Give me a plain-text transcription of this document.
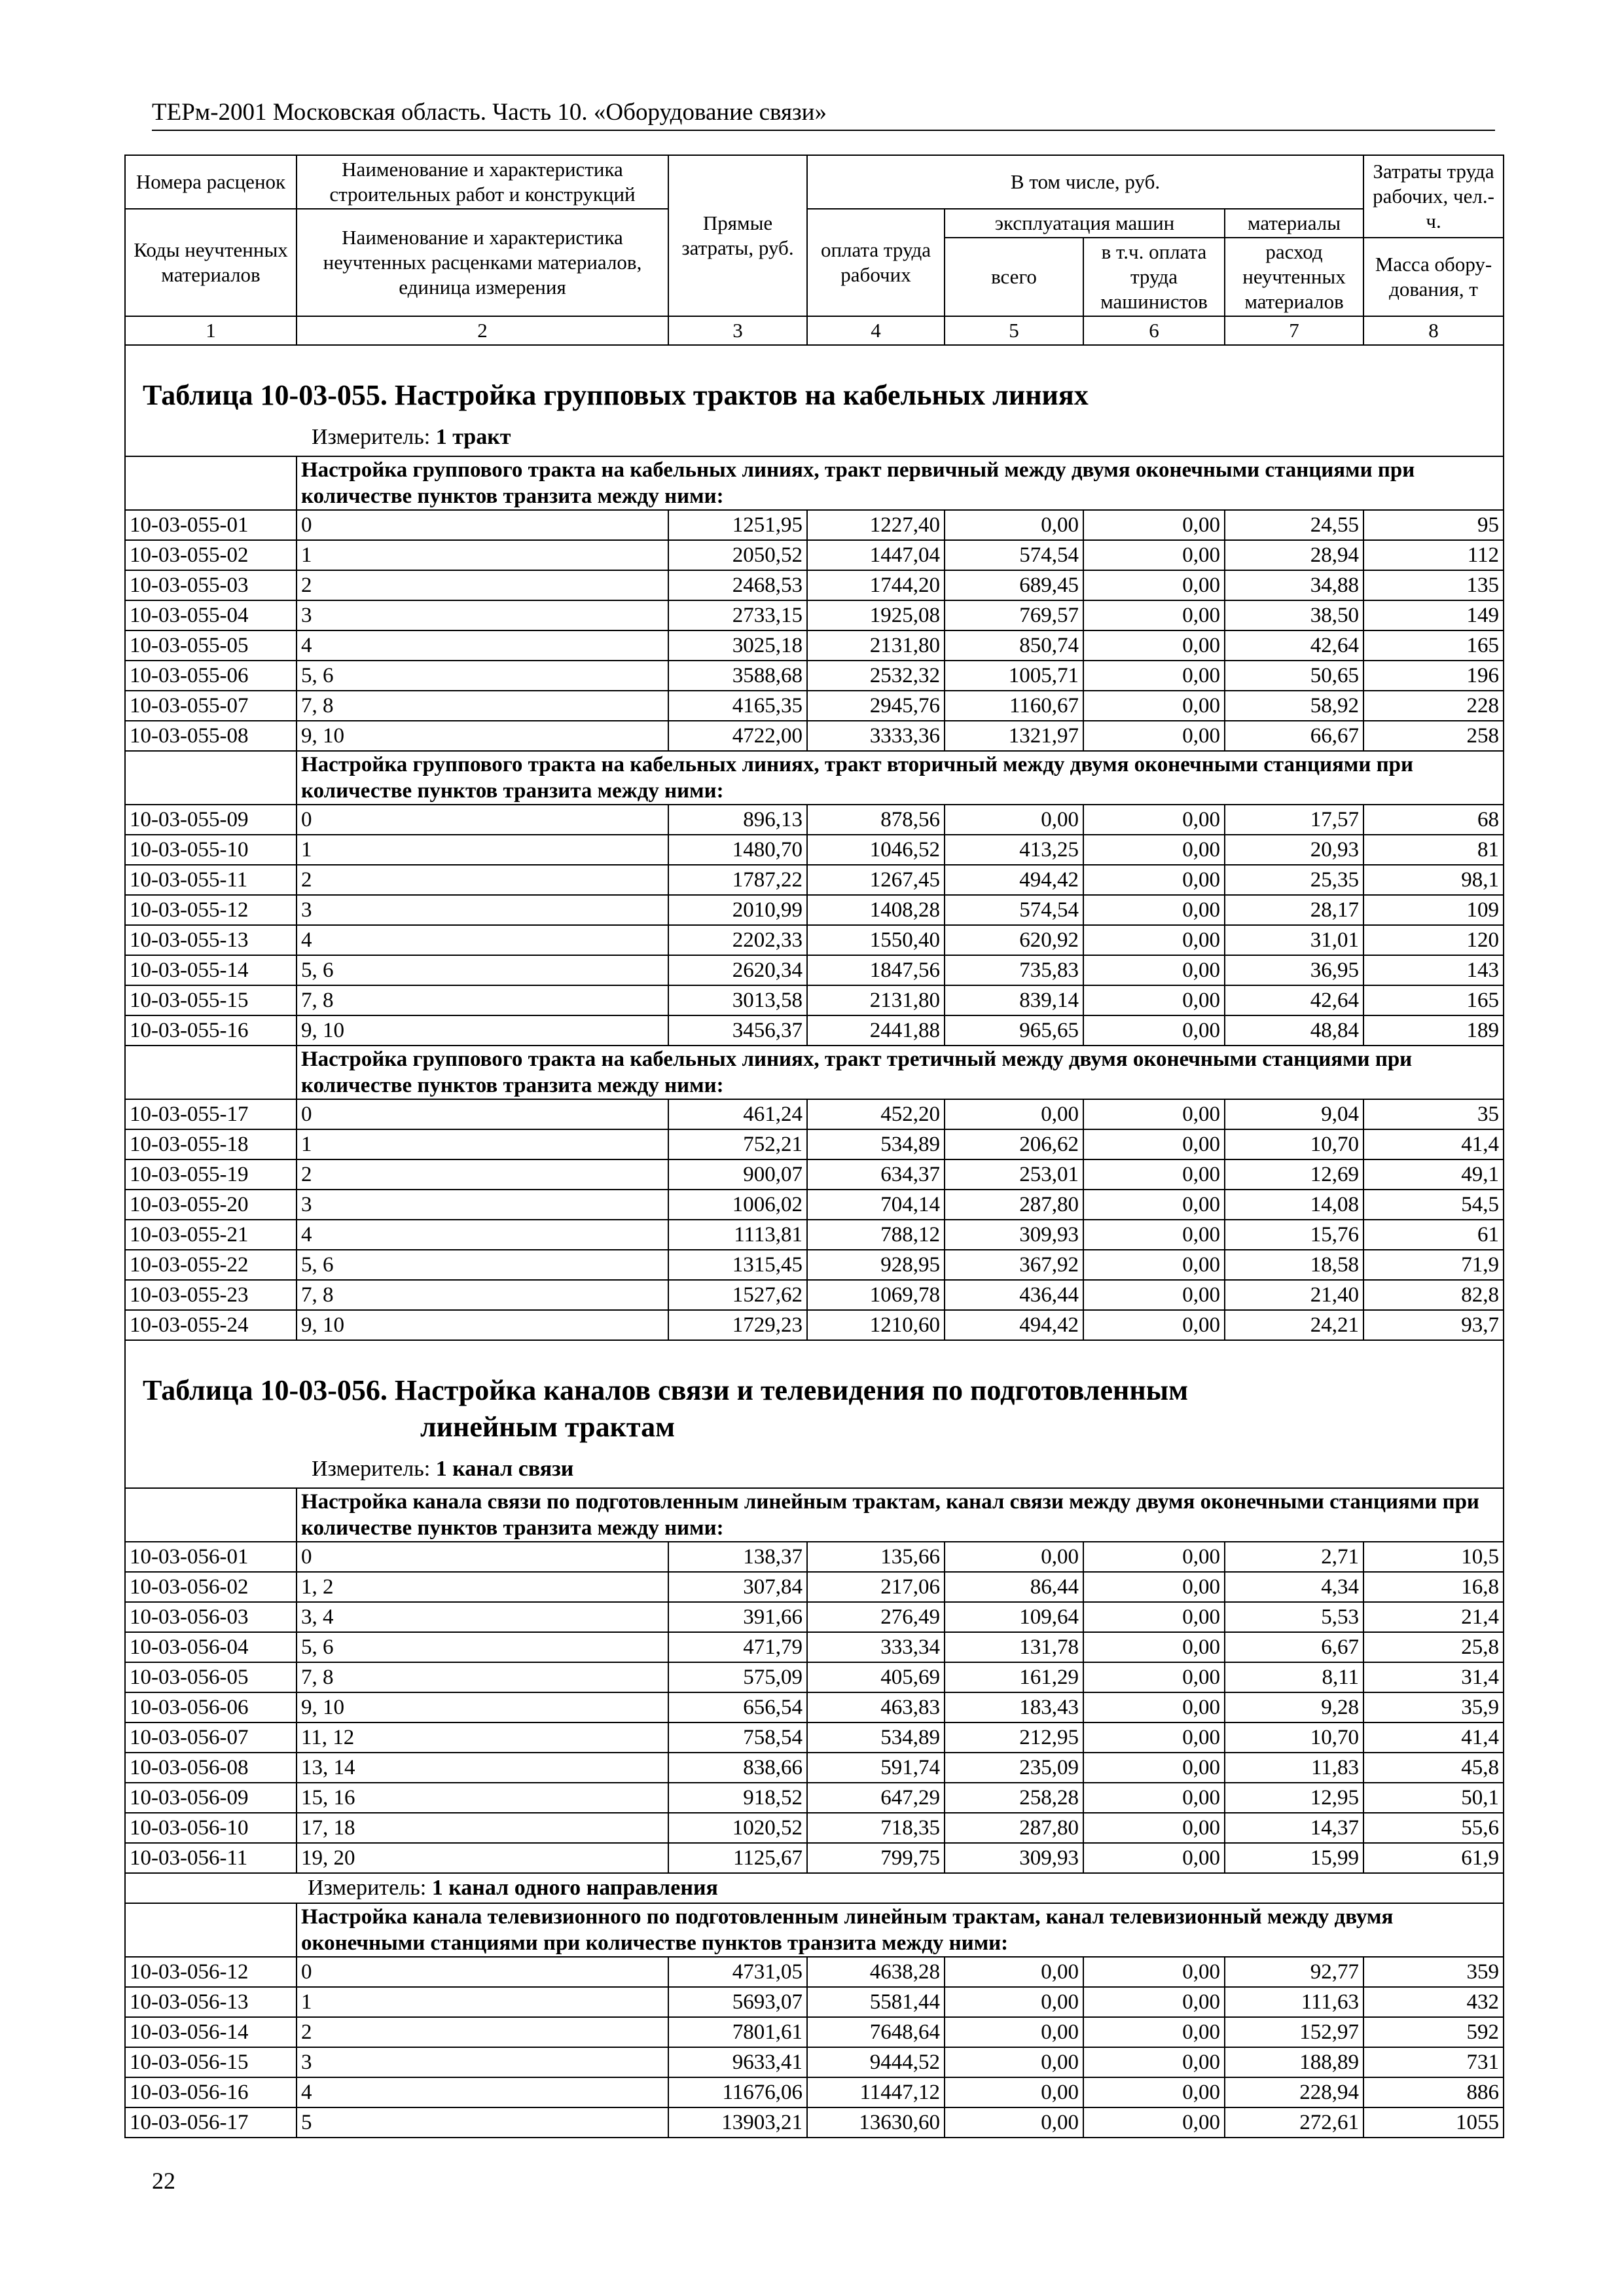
ТЕРм-2001 Московская область. Часть 10. «Оборудование связи»
Номера расценок	Наименование и характеристика строительных работ и конструкций	Прямые затраты, руб.	В том числе, руб.				Затраты труда рабочих, чел.-ч.
Коды неучтенных материалов	Наименование и характеристика неучтенных расценками материалов, единица измерения		оплата труда рабочих	эксплуатация машин		материалы	
				всего	в т.ч. оплата труда машинистов	расход неучтенных материалов	
							Масса обору-дования, т
1	2	3	4	5	6	7	8

Таблица 10-03-055. Настройка групповых трактов на кабельных линиях
Измеритель: 1 тракт							

	Настройка группового тракта на кабельных линиях, тракт первичный между двумя оконечными станциями при количестве пунктов транзита между ними:						
10-03-055-01	0	1251,95	1227,40	0,00	0,00	24,55	95
10-03-055-02	1	2050,52	1447,04	574,54	0,00	28,94	112
10-03-055-03	2	2468,53	1744,20	689,45	0,00	34,88	135
10-03-055-04	3	2733,15	1925,08	769,57	0,00	38,50	149
10-03-055-05	4	3025,18	2131,80	850,74	0,00	42,64	165
10-03-055-06	5, 6	3588,68	2532,32	1005,71	0,00	50,65	196
10-03-055-07	7, 8	4165,35	2945,76	1160,67	0,00	58,92	228
10-03-055-08	9, 10	4722,00	3333,36	1321,97	0,00	66,67	258
	Настройка группового тракта на кабельных линиях, тракт вторичный между двумя оконечными станциями при количестве пунктов транзита между ними:						
10-03-055-09	0	896,13	878,56	0,00	0,00	17,57	68
10-03-055-10	1	1480,70	1046,52	413,25	0,00	20,93	81
10-03-055-11	2	1787,22	1267,45	494,42	0,00	25,35	98,1
10-03-055-12	3	2010,99	1408,28	574,54	0,00	28,17	109
10-03-055-13	4	2202,33	1550,40	620,92	0,00	31,01	120
10-03-055-14	5, 6	2620,34	1847,56	735,83	0,00	36,95	143
10-03-055-15	7, 8	3013,58	2131,80	839,14	0,00	42,64	165
10-03-055-16	9, 10	3456,37	2441,88	965,65	0,00	48,84	189
	Настройка группового тракта на кабельных линиях, тракт третичный между двумя оконечными станциями при количестве пунктов транзита между ними:						
10-03-055-17	0	461,24	452,20	0,00	0,00	9,04	35
10-03-055-18	1	752,21	534,89	206,62	0,00	10,70	41,4
10-03-055-19	2	900,07	634,37	253,01	0,00	12,69	49,1
10-03-055-20	3	1006,02	704,14	287,80	0,00	14,08	54,5
10-03-055-21	4	1113,81	788,12	309,93	0,00	15,76	61
10-03-055-22	5, 6	1315,45	928,95	367,92	0,00	18,58	71,9
10-03-055-23	7, 8	1527,62	1069,78	436,44	0,00	21,40	82,8
10-03-055-24	9, 10	1729,23	1210,60	494,42	0,00	24,21	93,7

Таблица 10-03-056. Настройка каналов связи и телевидения по подготовленным
линейным трактам
Измеритель: 1 канал связи							

	Настройка канала связи по подготовленным линейным трактам, канал связи между двумя оконечными станциями при количестве пунктов транзита между ними:						
10-03-056-01	0	138,37	135,66	0,00	0,00	2,71	10,5
10-03-056-02	1, 2	307,84	217,06	86,44	0,00	4,34	16,8
10-03-056-03	3, 4	391,66	276,49	109,64	0,00	5,53	21,4
10-03-056-04	5, 6	471,79	333,34	131,78	0,00	6,67	25,8
10-03-056-05	7, 8	575,09	405,69	161,29	0,00	8,11	31,4
10-03-056-06	9, 10	656,54	463,83	183,43	0,00	9,28	35,9
10-03-056-07	11, 12	758,54	534,89	212,95	0,00	10,70	41,4
10-03-056-08	13, 14	838,66	591,74	235,09	0,00	11,83	45,8
10-03-056-09	15, 16	918,52	647,29	258,28	0,00	12,95	50,1
10-03-056-10	17, 18	1020,52	718,35	287,80	0,00	14,37	55,6
10-03-056-11	19, 20	1125,67	799,75	309,93	0,00	15,99	61,9

Измеритель: 1 канал одного направления							

	Настройка канала телевизионного по подготовленным линейным трактам, канал телевизионный между двумя оконечными станциями при количестве пунктов транзита между ними:						
10-03-056-12	0	4731,05	4638,28	0,00	0,00	92,77	359
10-03-056-13	1	5693,07	5581,44	0,00	0,00	111,63	432
10-03-056-14	2	7801,61	7648,64	0,00	0,00	152,97	592
10-03-056-15	3	9633,41	9444,52	0,00	0,00	188,89	731
10-03-056-16	4	11676,06	11447,12	0,00	0,00	228,94	886
10-03-056-17	5	13903,21	13630,60	0,00	0,00	272,61	1055
22
